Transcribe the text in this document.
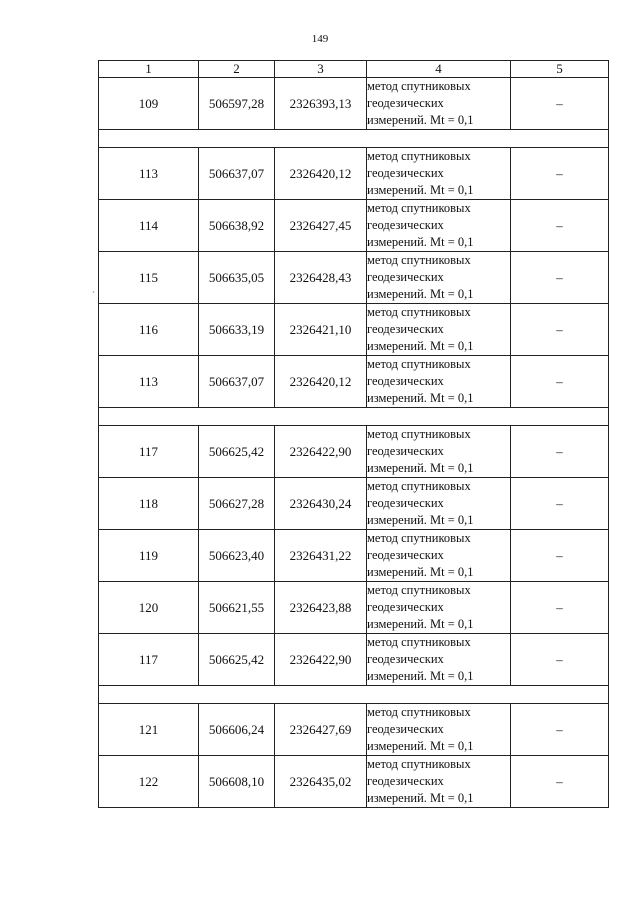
149
ˏ
1	2	3	4	5
109	506597,28	2326393,13	метод спутниковых
геодезических
измерений. Mt = 0,1	–

113	506637,07	2326420,12	метод спутниковых
геодезических
измерений. Mt = 0,1	–
114	506638,92	2326427,45	метод спутниковых
геодезических
измерений. Mt = 0,1	–
115	506635,05	2326428,43	метод спутниковых
геодезических
измерений. Mt = 0,1	–
116	506633,19	2326421,10	метод спутниковых
геодезических
измерений. Mt = 0,1	–
113	506637,07	2326420,12	метод спутниковых
геодезических
измерений. Mt = 0,1	–

117	506625,42	2326422,90	метод спутниковых
геодезических
измерений. Mt = 0,1	–
118	506627,28	2326430,24	метод спутниковых
геодезических
измерений. Mt = 0,1	–
119	506623,40	2326431,22	метод спутниковых
геодезических
измерений. Mt = 0,1	–
120	506621,55	2326423,88	метод спутниковых
геодезических
измерений. Mt = 0,1	–
117	506625,42	2326422,90	метод спутниковых
геодезических
измерений. Mt = 0,1	–

121	506606,24	2326427,69	метод спутниковых
геодезических
измерений. Mt = 0,1	–
122	506608,10	2326435,02	метод спутниковых
геодезических
измерений. Mt = 0,1	–
